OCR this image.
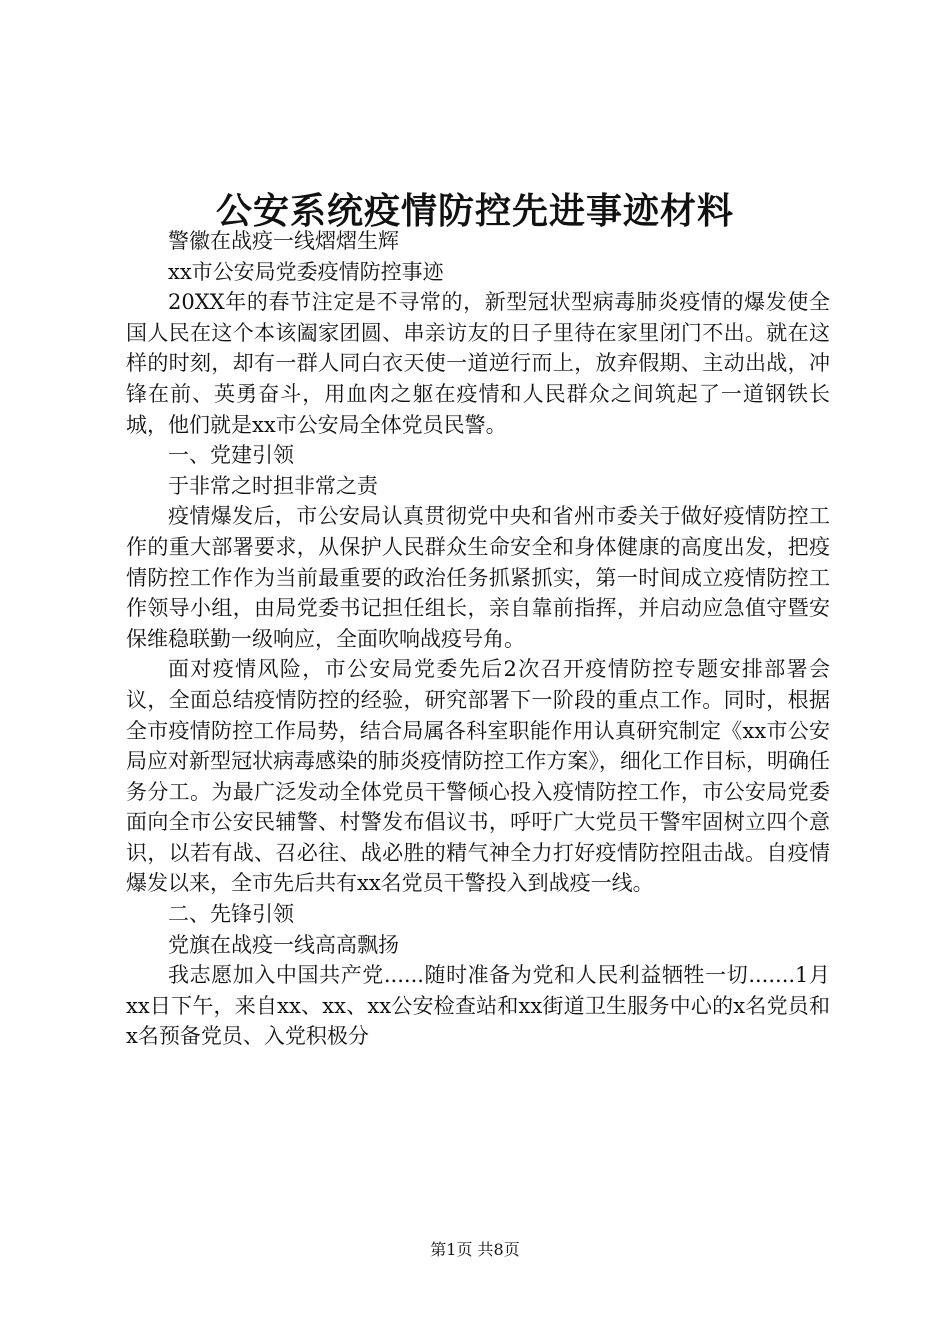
公安系统疫情防控先进事迹材料

警徽在战疫一线熠熠生辉

xx市公安局党委疫情防控事迹

20XX年的春节注定是不寻常的，新型冠状型病毒肺炎疫情的爆发使全国人民在这个本该阖家团圆、串亲访友的日子里待在家里闭门不出。就在这样的时刻，却有一群人同白衣天使一道逆行而上，放弃假期、主动出战，冲锋在前、英勇奋斗，用血肉之躯在疫情和人民群众之间筑起了一道钢铁长城，他们就是xx市公安局全体党员民警。

一、党建引领

于非常之时担非常之责

疫情爆发后，市公安局认真贯彻党中央和省州市委关于做好疫情防控工作的重大部署要求，从保护人民群众生命安全和身体健康的高度出发，把疫情防控工作作为当前最重要的政治任务抓紧抓实，第一时间成立疫情防控工作领导小组，由局党委书记担任组长，亲自靠前指挥，并启动应急值守暨安保维稳联勤一级响应，全面吹响战疫号角。

面对疫情风险，市公安局党委先后2次召开疫情防控专题安排部署会议，全面总结疫情防控的经验，研究部署下一阶段的重点工作。同时，根据全市疫情防控工作局势，结合局属各科室职能作用认真研究制定《xx市公安局应对新型冠状病毒感染的肺炎疫情防控工作方案》，细化工作目标，明确任务分工。为最广泛发动全体党员干警倾心投入疫情防控工作，市公安局党委面向全市公安民辅警、村警发布倡议书，呼吁广大党员干警牢固树立四个意识，以若有战、召必往、战必胜的精气神全力打好疫情防控阻击战。自疫情爆发以来，全市先后共有xx名党员干警投入到战疫一线。

二、先锋引领

党旗在战疫一线高高飘扬

我志愿加入中国共产党......随时准备为党和人民利益牺牲一切.......1月xx日下午，来自xx、xx、xx公安检查站和xx街道卫生服务中心的x名党员和x名预备党员、入党积极分

第1页 共8页
